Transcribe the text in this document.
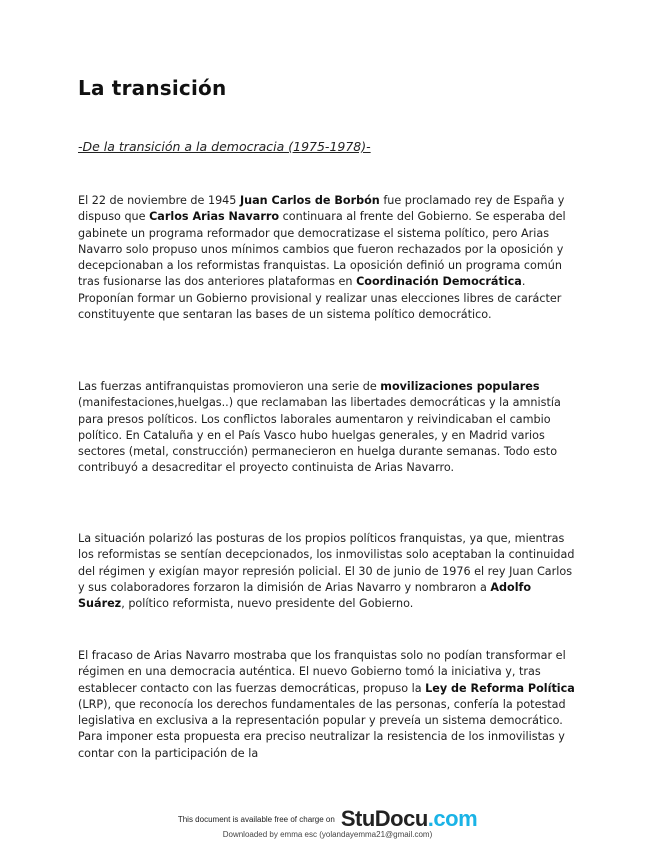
La transición

-De la transición a la democracia (1975-1978)-

El 22 de noviembre de 1945 Juan Carlos de Borbón fue proclamado rey de España y dispuso que Carlos Arias Navarro continuara al frente del Gobierno. Se esperaba del gabinete un programa reformador que democratizase el sistema político, pero Arias Navarro solo propuso unos mínimos cambios que fueron rechazados por la oposición y decepcionaban a los reformistas franquistas. La oposición definió un programa común tras fusionarse las dos anteriores plataformas en Coordinación Democrática. Proponían formar un Gobierno provisional y realizar unas elecciones libres de carácter constituyente que sentaran las bases de un sistema político democrático.

Las fuerzas antifranquistas promovieron una serie de movilizaciones populares (manifestaciones,huelgas..) que reclamaban las libertades democráticas y la amnistía para presos políticos. Los conflictos laborales aumentaron y reivindicaban el cambio político. En Cataluña y en el País Vasco hubo huelgas generales, y en Madrid varios sectores (metal, construcción) permanecieron en huelga durante semanas. Todo esto contribuyó a desacreditar el proyecto continuista de Arias Navarro.

La situación polarizó las posturas de los propios políticos franquistas, ya que, mientras los reformistas se sentían decepcionados, los inmovilistas solo aceptaban la continuidad del régimen y exigían mayor represión policial. El 30 de junio de 1976 el rey Juan Carlos y sus colaboradores forzaron la dimisión de Arias Navarro y nombraron a Adolfo Suárez, político reformista, nuevo presidente del Gobierno.

El fracaso de Arias Navarro mostraba que los franquistas solo no podían transformar el régimen en una democracia auténtica. El nuevo Gobierno tomó la iniciativa y, tras establecer contacto con las fuerzas democráticas, propuso la Ley de Reforma Política (LRP), que reconocía los derechos fundamentales de las personas, confería la potestad legislativa en exclusiva a la representación popular y preveía un sistema democrático. Para imponer esta propuesta era preciso neutralizar la resistencia de los inmovilistas y contar con la participación de la

This document is available free of charge on StuDocu.com
Downloaded by emma esc (yolandayemma21@gmail.com)
